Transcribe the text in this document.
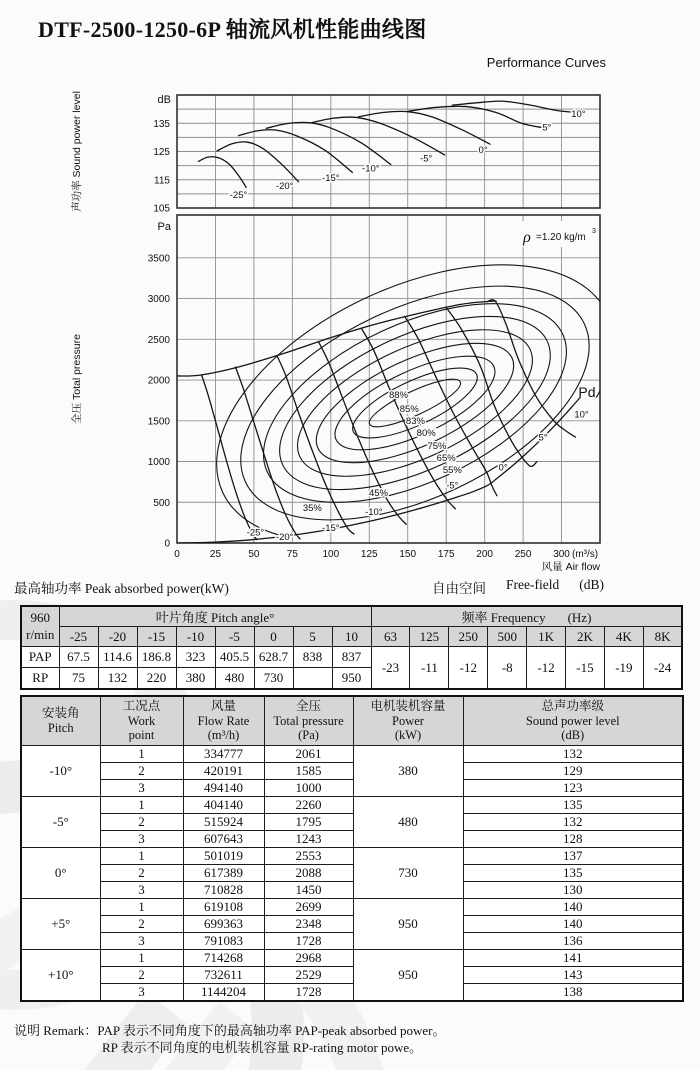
DTF-2500-1250-6P 轴流风机性能曲线图
Performance Curves
135
125
115
105
dB
-25°
-20°
-15°
-10°
-5°
0°
5°
10°
声功率 Sound power level
3500
3000
2500
2000
1500
1000
500
0
Pa
ρ =1.20 kg/m
3
Pd
88%
85%
83%
80%
75%
65%
55%
45%
35%
-25° -20°
-15°
-10°
-5°
0°
5°
10°
0	25	50	75 100 125 150 175 200 250 300 (m³/s)
风量 Air flow
全压 Total pressure
最高轴功率 Peak absorbed power(kW)	自由空间 Free-field (dB)
960
r/min	叶片角度 Pitch angle°								频率 Frequency (Hz)							
	-25	-20	-15	-10	-5	0	5	10	63	125	250	500	1K	2K	4K	8K
PAP	67.5	114.6	186.8	323	405.5	628.7	838	837	-23	-11	-12	-8	-12	-15	-19	-24
RP	75	132	220	380	480	730		950								
安装角
Pitch

工况点
Work
point

风量
Flow Rate
(m³/h)

全压
Total pressure
(Pa)

电机装机容量
Power
(kW)

总声功率级
Sound power level
(dB)

-10°	1	334777	2061	380	132
	2	420191	1585		129
	3	494140	1000		123
-5°	1	404140	2260	480	135
	2	515924	1795		132
	3	607643	1243		128
0°	1	501019	2553	730	137
	2	617389	2088		135
	3	710828	1450		130
+5°	1	619108	2699	950	140
	2	699363	2348		140
	3	791083	1728		136
+10°	1	714268	2968	950	141
	2	732611	2529		143
	3	1144204	1728		138
说明 Remark：PAP 表示不同角度下的最高轴功率 PAP-peak absorbed power。
RP 表示不同角度的电机装机容量 RP-rating motor powe。
